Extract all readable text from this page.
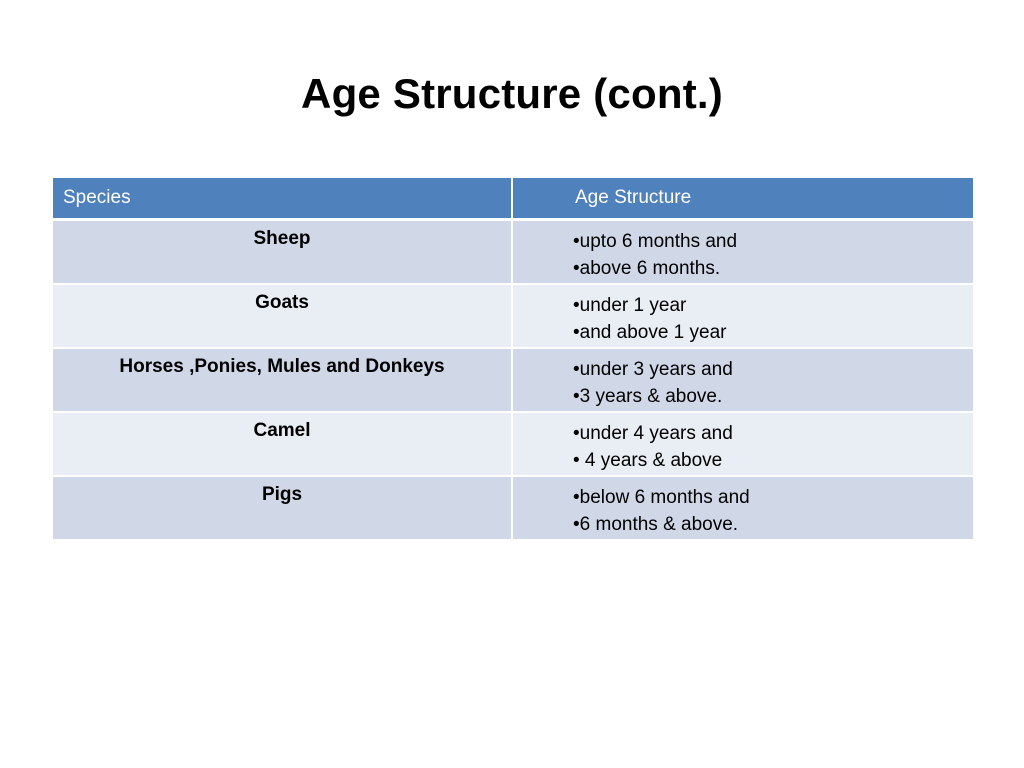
Age Structure (cont.)
Species	Age Structure

Sheep	•upto 6 months and
•above 6 months.

Goats	•under 1 year
•and above 1 year

Horses ,Ponies, Mules and Donkeys	•under 3 years and
•3 years & above.

Camel	•under 4 years and
• 4 years & above

Pigs	•below 6 months and
•6 months & above.
